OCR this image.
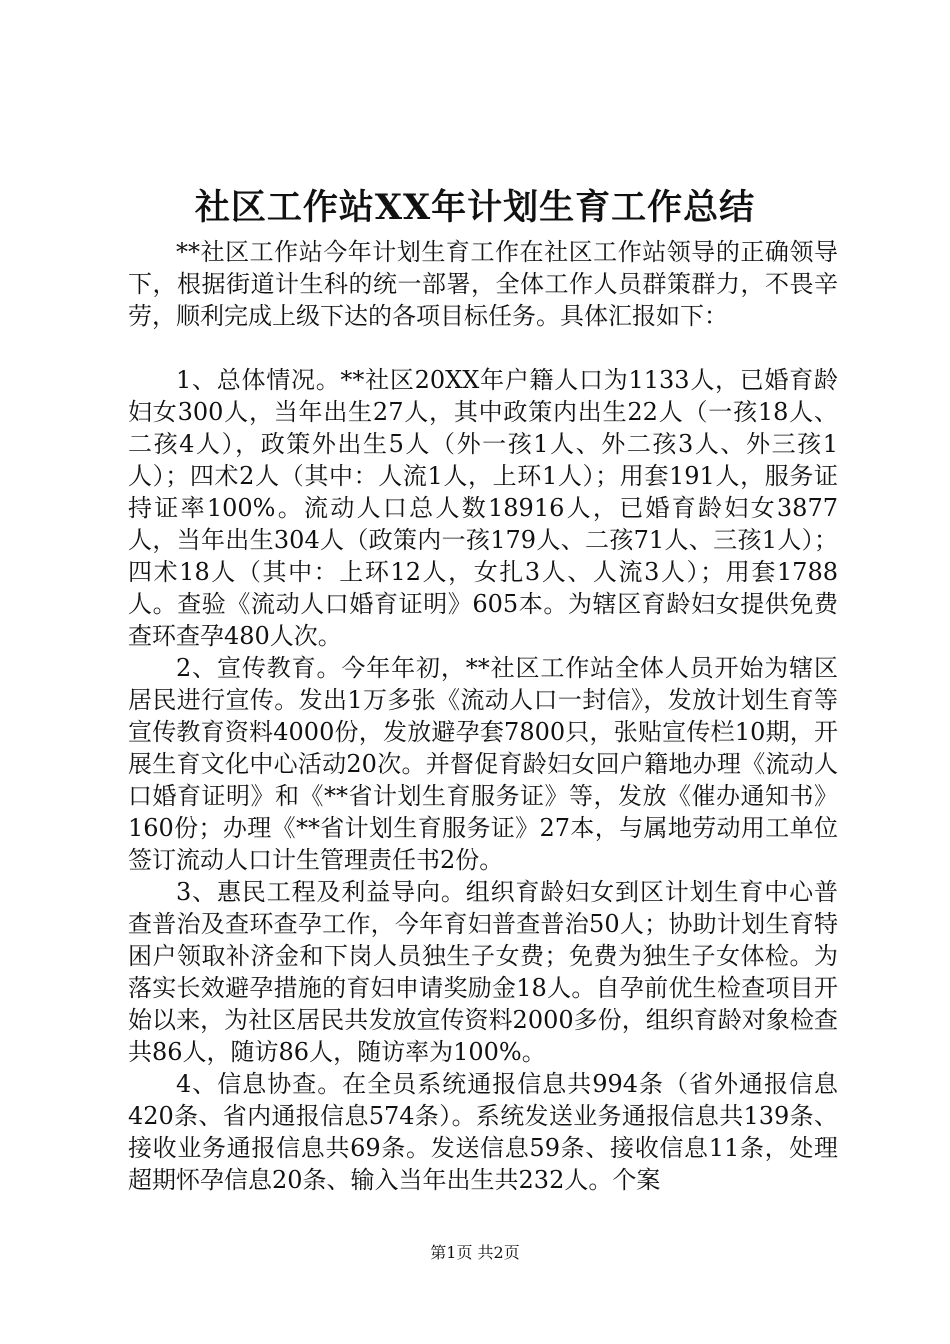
社区工作站XX年计划生育工作总结

**社区工作站今年计划生育工作在社区工作站领导的正确领导下，根据街道计生科的统一部署，全体工作人员群策群力，不畏辛劳，顺利完成上级下达的各项目标任务。具体汇报如下：

1、总体情况。**社区20XX年户籍人口为1133人，已婚育龄妇女300人，当年出生27人，其中政策内出生22人（一孩18人、二孩4人），政策外出生5人（外一孩1人、外二孩3人、外三孩1人）；四术2人（其中：人流1人，上环1人）；用套191人，服务证持证率100%。流动人口总人数18916人，已婚育龄妇女3877人，当年出生304人（政策内一孩179人、二孩71人、三孩1人）；四术18人（其中：上环12人，女扎3人、人流3人）；用套1788人。查验《流动人口婚育证明》605本。为辖区育龄妇女提供免费查环查孕480人次。

2、宣传教育。今年年初，**社区工作站全体人员开始为辖区居民进行宣传。发出1万多张《流动人口一封信》，发放计划生育等宣传教育资料4000份，发放避孕套7800只，张贴宣传栏10期，开展生育文化中心活动20次。并督促育龄妇女回户籍地办理《流动人口婚育证明》和《**省计划生育服务证》等，发放《催办通知书》160份；办理《**省计划生育服务证》27本，与属地劳动用工单位签订流动人口计生管理责任书2份。

3、惠民工程及利益导向。组织育龄妇女到区计划生育中心普查普治及查环查孕工作，今年育妇普查普治50人；协助计划生育特困户领取补济金和下岗人员独生子女费；免费为独生子女体检。为落实长效避孕措施的育妇申请奖励金18人。自孕前优生检查项目开始以来，为社区居民共发放宣传资料2000多份，组织育龄对象检查共86人，随访86人，随访率为100%。

4、信息协查。在全员系统通报信息共994条（省外通报信息420条、省内通报信息574条）。系统发送业务通报信息共139条、接收业务通报信息共69条。发送信息59条、接收信息11条，处理超期怀孕信息20条、输入当年出生共232人。个案

第1页 共2页
